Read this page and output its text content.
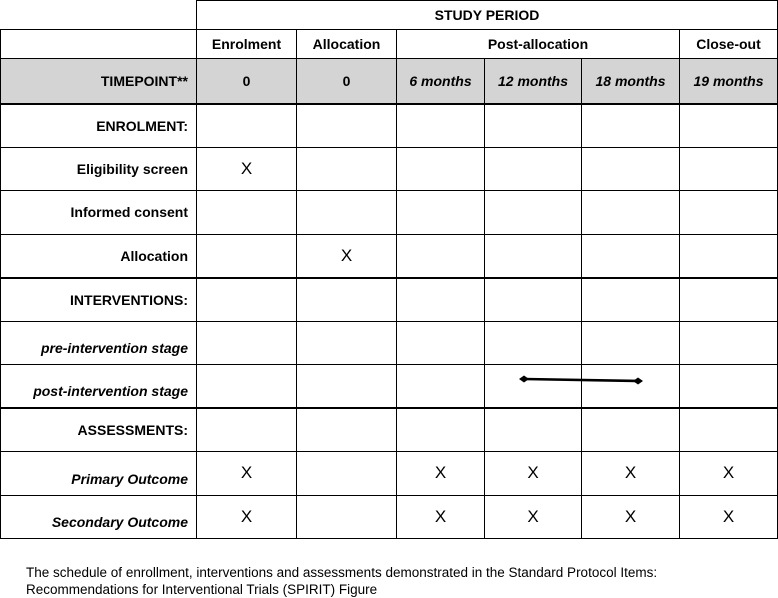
	STUDY PERIOD					
	Enrolment	Allocation	Post-allocation			Close-out
TIMEPOINT**	0	0	6 months	12 months	18 months	19 months
ENROLMENT:						
Eligibility screen	X					
Informed consent						
Allocation		X				
INTERVENTIONS:						
pre-intervention stage						
post-intervention stage						
ASSESSMENTS:						
Primary Outcome	X		X	X	X	X
Secondary Outcome	X		X	X	X	X
The schedule of enrollment, interventions and assessments demonstrated in the Standard Protocol Items: Recommendations for Interventional Trials (SPIRIT) Figure
